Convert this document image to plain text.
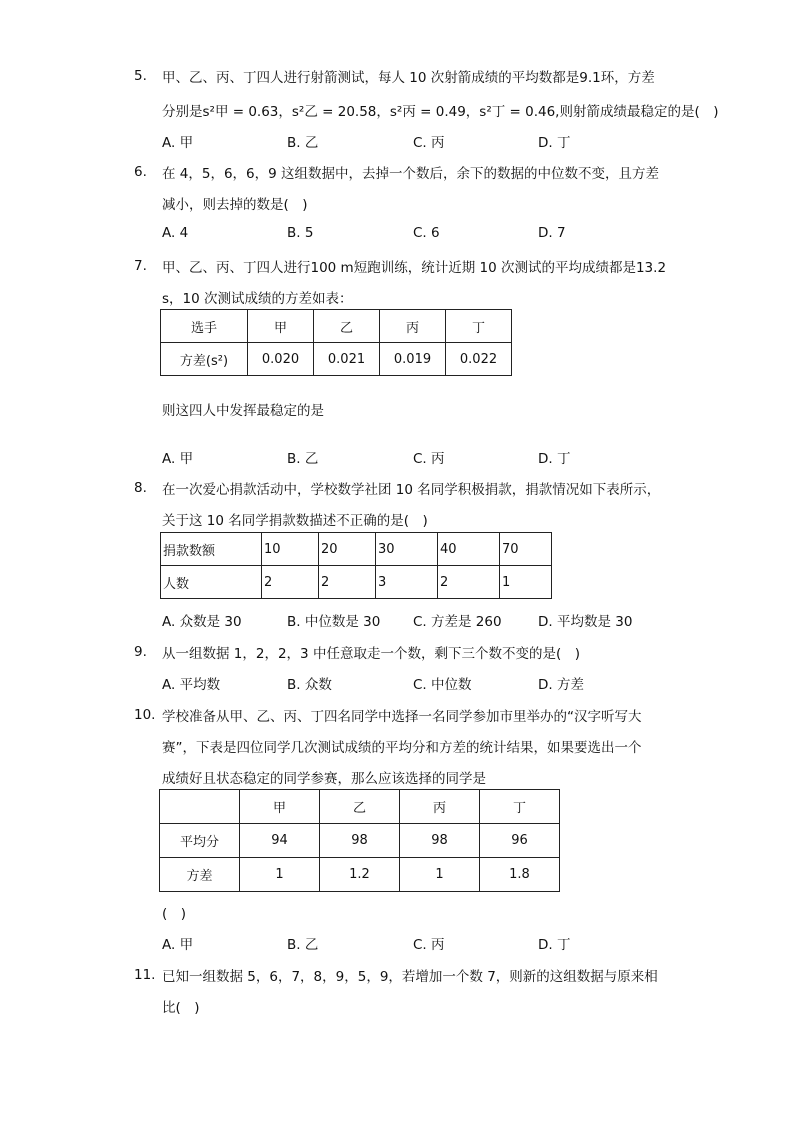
5. 甲、乙、丙、丁四人进行射箭测试，每人 10 次射箭成绩的平均数都是9.1环，方差
分别是s²甲 = 0.63，s²乙 = 20.58，s²丙 = 0.49，s²丁 = 0.46,则射箭成绩最稳定的是(　)
A. 甲	B. 乙	C. 丙	D. 丁
6. 在 4，5，6，6，9 这组数据中，去掉一个数后，余下的数据的中位数不变，且方差
减小，则去掉的数是(　)
A. 4	B. 5	C. 6	D. 7
7. 甲、乙、丙、丁四人进行100 m短跑训练，统计近期 10 次测试的平均成绩都是13.2
s，10 次测试成绩的方差如表：
选手	甲	乙	丙	丁
方差(s²)	0.020	0.021	0.019	0.022
则这四人中发挥最稳定的是
A. 甲	B. 乙	C. 丙	D. 丁
8. 在一次爱心捐款活动中，学校数学社团 10 名同学积极捐款，捐款情况如下表所示，
关于这 10 名同学捐款数描述不正确的是(　)
捐款数额	10	20	30	40	70
人数	2	2	3	2	1
A. 众数是 30	B. 中位数是 30 C. 方差是 260	D. 平均数是 30
9. 从一组数据 1，2，2，3 中任意取走一个数，剩下三个数不变的是(　)
A. 平均数	B. 众数	C. 中位数	D. 方差
10. 学校准备从甲、乙、丙、丁四名同学中选择一名同学参加市里举办的“汉字听写大
赛”，下表是四位同学几次测试成绩的平均分和方差的统计结果，如果要选出一个
成绩好且状态稳定的同学参赛，那么应该选择的同学是
	甲	乙	丙	丁
平均分	94	98	98	96
方差	1	1.2	1	1.8
(　)
A. 甲	B. 乙	C. 丙	D. 丁
11. 已知一组数据 5，6，7，8，9，5，9，若增加一个数 7，则新的这组数据与原来相
比(　)
